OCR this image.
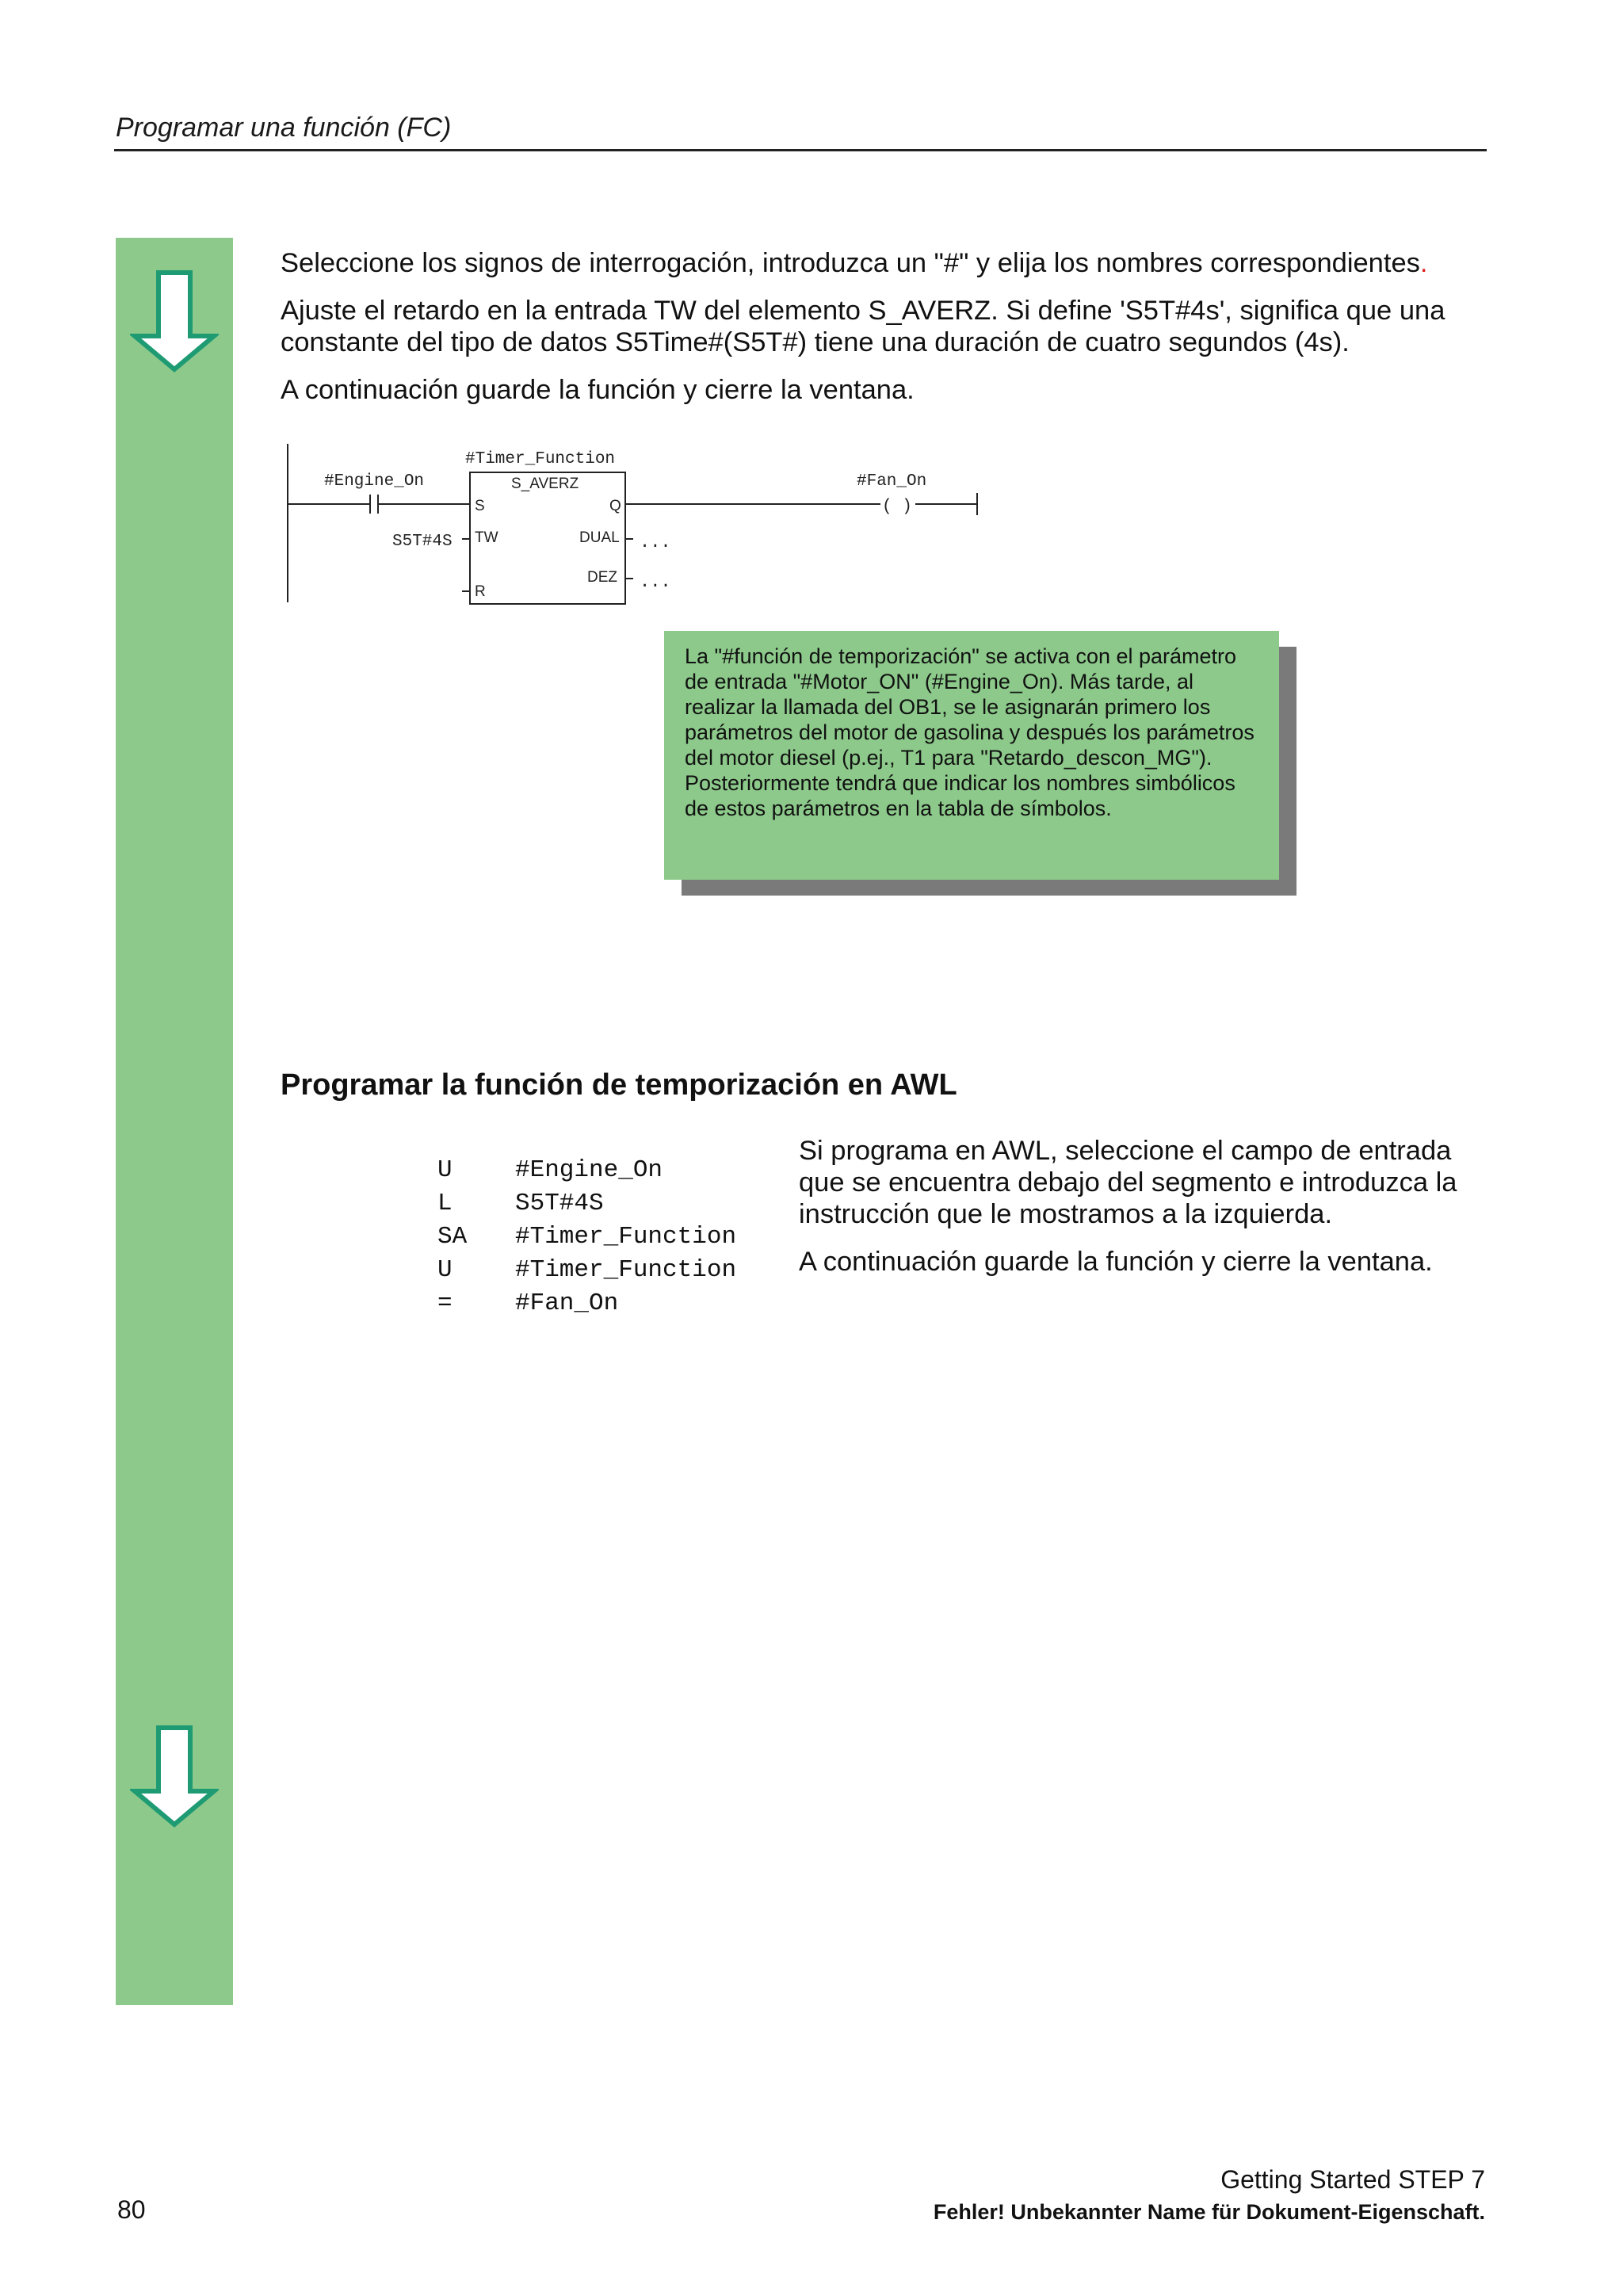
Programar una función (FC)

Seleccione los signos de interrogación, introduzca un "#" y elija los nombres correspondientes.

Ajuste el retardo en la entrada TW del elemento S_AVERZ. Si define 'S5T#4s', significa que una constante del tipo de datos S5Time#(S5T#) tiene una duración de cuatro segundos (4s).

A continuación guarde la función y cierre la ventana.

#Engine_On
#Timer_Function
S_AVERZ
S
TW
R
Q
DUAL
DEZ
S5T#4S	...
...
( )
#Fan_On
La "#función de temporización" se activa con el parámetro de entrada "#Motor_ON" (#Engine_On). Más tarde, al realizar la llamada del OB1, se le asignarán primero los parámetros del motor de gasolina y después los parámetros del motor diesel (p.ej., T1 para "Retardo_descon_MG"). Posteriormente tendrá que indicar los nombres simbólicos de estos parámetros en la tabla de símbolos.
Programar la función de temporización en AWL
U	#Engine_On
L	S5T#4S
SA	#Timer_Function
U	#Timer_Function
=	#Fan_On

Si programa en AWL, seleccione el campo de entrada que se encuentra debajo del segmento e introduzca la instrucción que le mostramos a la izquierda.

A continuación guarde la función y cierre la ventana.

80
Getting Started STEP 7
Fehler! Unbekannter Name für Dokument-Eigenschaft.
